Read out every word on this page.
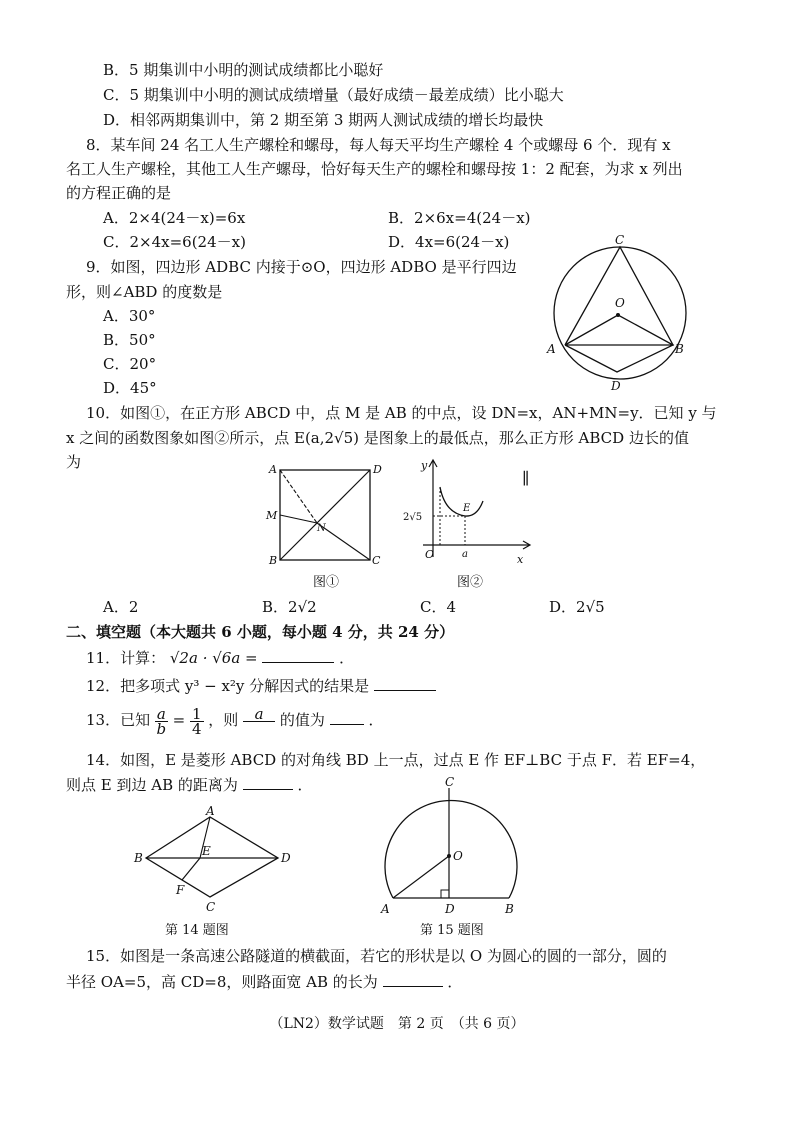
B．5 期集训中小明的测试成绩都比小聪好
C．5 期集训中小明的测试成绩增量（最好成绩－最差成绩）比小聪大
D．相邻两期集训中，第 2 期至第 3 期两人测试成绩的增长均最快
8．某车间 24 名工人生产螺栓和螺母，每人每天平均生产螺栓 4 个或螺母 6 个．现有 x
名工人生产螺栓，其他工人生产螺母，恰好每天生产的螺栓和螺母按 1：2 配套，为求 x 列出
的方程正确的是
A．2×4(24－x)=6x	B．2×6x=4(24－x)
C．2×4x=6(24－x)	D．4x=6(24－x)
9．如图，四边形 ADBC 内接于⊙O，四边形 ADBO 是平行四边
形，则∠ABD 的度数是
A．30°
B．50°
C．20°
D．45°
C
O
A	B
D
10．如图①，在正方形 ABCD 中，点 M 是 AB 的中点，设 DN=x，AN+MN=y．已知 y 与
x 之间的函数图象如图②所示，点 E(a,2√5) 是图象上的最低点，那么正方形 ABCD 边长的值
为	A	D
M
N
B	C
图①
y
x
O
E
a
2√5
图②
∥
A．2	B．2√2	C．4	D．2√5
二、填空题（本大题共 6 小题，每小题 4 分，共 24 分）
11．计算： √2a · √6a =	．
12．把多项式 y³ − x²y 分解因式的结果是
13．已知 $\frac{a}{b} = \frac{1}{4}$ ，则	a
	的值为	．
14．如图，E 是菱形 ABCD 的对角线 BD 上一点，过点 E 作 EF⊥BC 于点 F．若 EF=4，
则点 E 到边 AB 的距离为	．
A
B
C
D
E
F
第 14 题图
C
O
A	D	B
第 15 题图
15．如图是一条高速公路隧道的横截面，若它的形状是以 O 为圆心的圆的一部分，圆的
半径 OA=5，高 CD=8，则路面宽 AB 的长为	．
（LN2）数学试题　第 2 页　（共 6 页）
